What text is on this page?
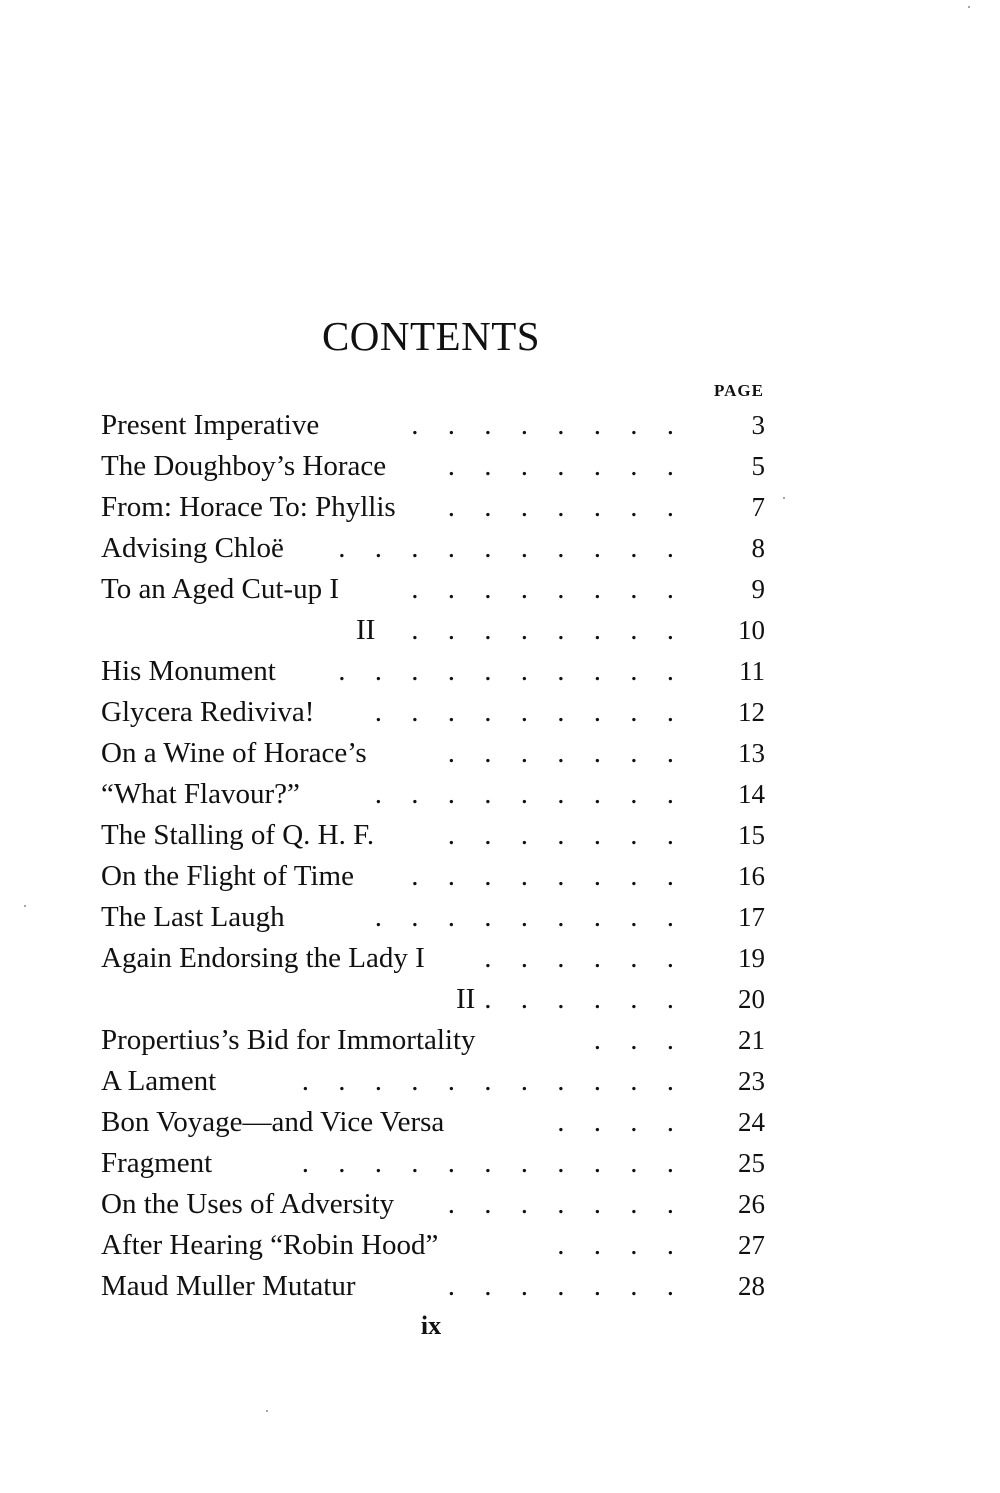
CONTENTS
PAGE
. . . . . . . .
Present Imperative	3
. . . . . . .
The Doughboy’s Horace	5
. . . . . . .
From: Horace To: Phyllis	7
. . . . . . . . . .
Advising Chloë	8
. . . . . . . .
To an Aged Cut-up I	9
. . . . . . . .
II	10
. . . . . . . . . .
His Monument	11
. . . . . . . . .
Glycera Rediviva!	12
. . . . . . .
On a Wine of Horace’s	13
. . . . . . . . .
“What Flavour?”	14
. . . . . . .
The Stalling of Q. H. F.	15
. . . . . . . .
On the Flight of Time	16
. . . . . . . . .
The Last Laugh	17
. . . . . .
Again Endorsing the Lady I	19
. . . . . .
II	20
. . .
Propertius’s Bid for Immortality	21
. . . . . . . . . . .
A Lament	23
. . . .
Bon Voyage—and Vice Versa	24
. . . . . . . . . . .
Fragment	25
. . . . . . .
On the Uses of Adversity	26
. . . .
After Hearing “Robin Hood”	27
. . . . . . .
Maud Muller Mutatur	28
ix
